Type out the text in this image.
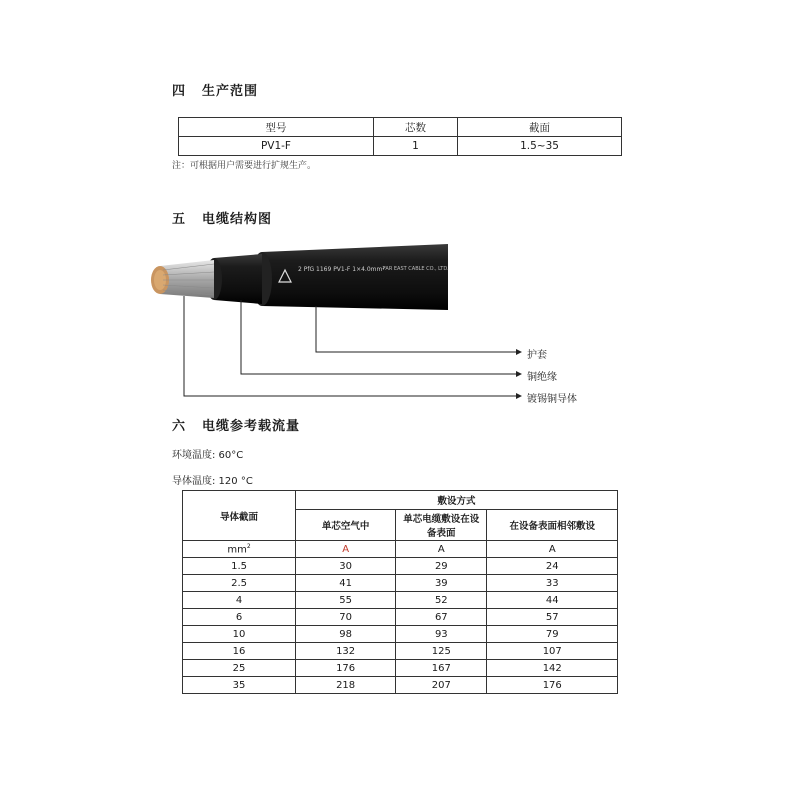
四 生产范围
型号	芯数	截面
PV1-F	1	1.5~35
注：可根据用户需要进行扩规生产。
五 电缆结构图
2 PfG 1169 PV1-F 1×4.0mm²
FAR EAST CABLE CO., LTD.
护套
铜绝缘
镀锡铜导体
六 电缆参考载流量
环境温度: 60°C
导体温度: 120 °C
导体截面	敷设方式		
	单芯空气中	单芯电缆敷设在设备表面	在设备表面相邻敷设
$mm^2$	A	A	A
1.5	30	29	24
2.5	41	39	33
4	55	52	44
6	70	67	57
10	98	93	79
16	132	125	107
25	176	167	142
35	218	207	176
